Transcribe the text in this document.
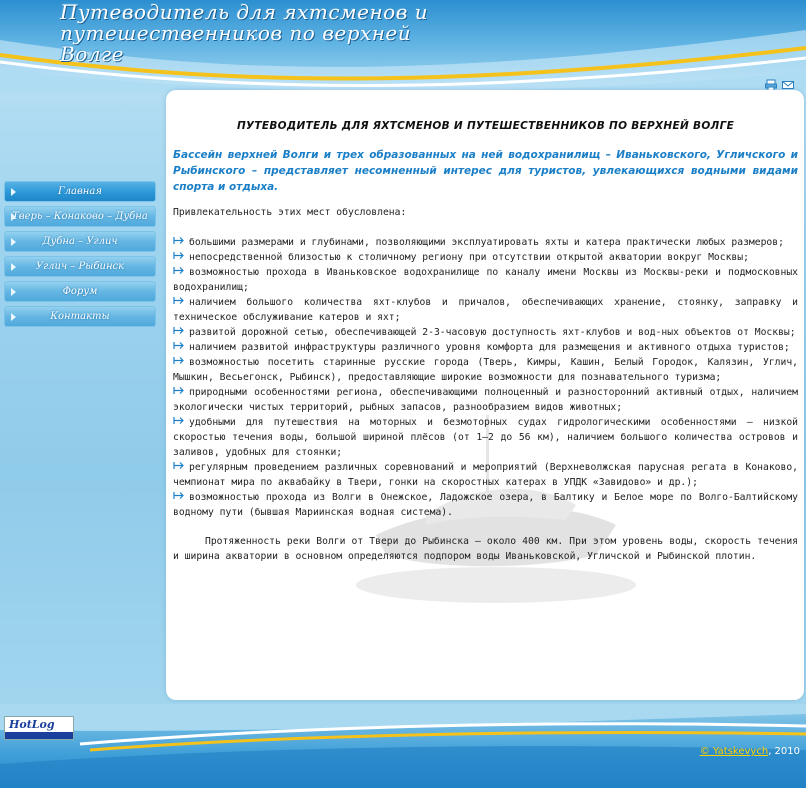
Путеводитель для яхтсменов и
путешественников по верхней Волге
Главная
Тверь – Конаково – Дубна
Дубна – Углич
Углич – Рыбинск
Форум
Контакты
ПУТЕВОДИТЕЛЬ ДЛЯ ЯХТСМЕНОВ И ПУТЕШЕСТВЕННИКОВ ПО ВЕРХНЕЙ ВОЛГЕ
Бассейн верхней Волги и трех образованных на ней водохранилищ – Иваньковского, Угличского и Рыбинского – представляет несомненный интерес для туристов, увлекающихся водными видами спорта и отдыха.
Привлекательность этих мест обусловлена:
большими размерами и глубинами, позволяющими эксплуатировать яхты и катера практически любых размеров;
непосредственной близостью к столичному региону при отсутствии открытой акватории вокруг Москвы;
возможностью прохода в Иваньковское водохранилище по каналу имени Москвы из Москвы-реки и подмосковных водохранилищ;
наличием большого количества яхт-клубов и причалов, обеспечивающих хранение, стоянку, заправку и техническое обслуживание катеров и яхт;
развитой дорожной сетью, обеспечивающей 2-3-часовую доступность яхт-клубов и вод-ных объектов от Москвы;
наличием развитой инфраструктуры различного уровня комфорта для размещения и активного отдыха туристов;
возможностью посетить старинные русские города (Тверь, Кимры, Кашин, Белый Городок, Калязин, Углич, Мышкин, Весьегонск, Рыбинск), предоставляющие широкие возможности для познавательного туризма;
природными особенностями региона, обеспечивающими полноценный и разносторонний активный отдых, наличием экологически чистых территорий, рыбных запасов, разнообразием видов животных;
удобными для путешествия на моторных и безмоторных судах гидрологическими особенностями – низкой скоростью течения воды, большой шириной плёсов (от 1–2 до 56 км), наличием большого количества островов и заливов, удобных для стоянки;
регулярным проведением различных соревнований и мероприятий (Верхневолжская парусная регата в Конаково, чемпионат мира по аквабайку в Твери, гонки на скоростных катерах в УПДК «Завидово» и др.);
возможностью прохода из Волги в Онежское, Ладожское озера, в Балтику и Белое море по Волго-Балтийскому водному пути (бывшая Мариинская водная система).
Протяженность реки Волги от Твери до Рыбинска – около 400 км. При этом уровень воды, скорость течения и ширина акватории в основном определяются подпором воды Иваньковской, Угличской и Рыбинской плотин.
HotLog
© Yatskevych, 2010
